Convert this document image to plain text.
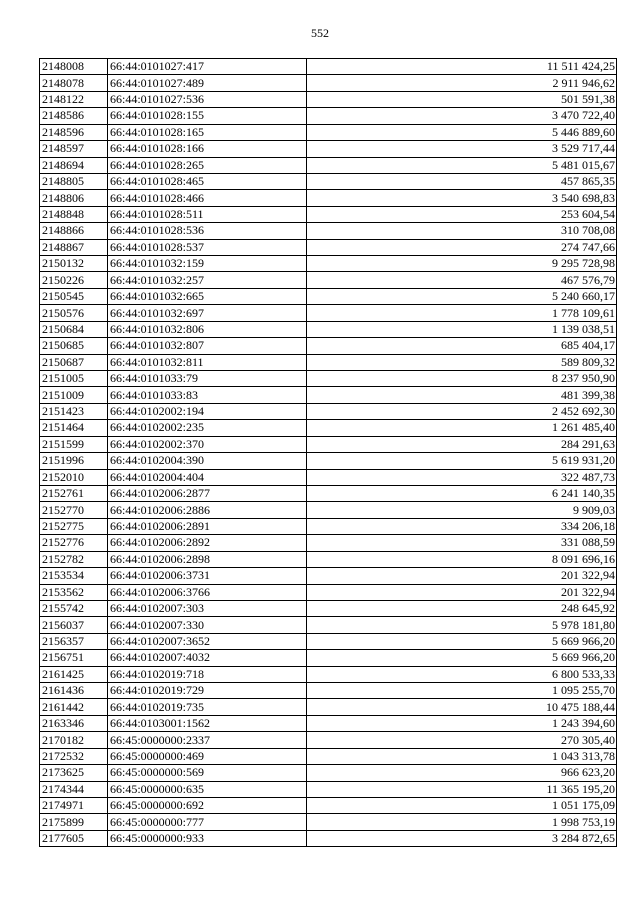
552
2148008	66:44:0101027:417	11 511 424,25
2148078	66:44:0101027:489	2 911 946,62
2148122	66:44:0101027:536	501 591,38
2148586	66:44:0101028:155	3 470 722,40
2148596	66:44:0101028:165	5 446 889,60
2148597	66:44:0101028:166	3 529 717,44
2148694	66:44:0101028:265	5 481 015,67
2148805	66:44:0101028:465	457 865,35
2148806	66:44:0101028:466	3 540 698,83
2148848	66:44:0101028:511	253 604,54
2148866	66:44:0101028:536	310 708,08
2148867	66:44:0101028:537	274 747,66
2150132	66:44:0101032:159	9 295 728,98
2150226	66:44:0101032:257	467 576,79
2150545	66:44:0101032:665	5 240 660,17
2150576	66:44:0101032:697	1 778 109,61
2150684	66:44:0101032:806	1 139 038,51
2150685	66:44:0101032:807	685 404,17
2150687	66:44:0101032:811	589 809,32
2151005	66:44:0101033:79	8 237 950,90
2151009	66:44:0101033:83	481 399,38
2151423	66:44:0102002:194	2 452 692,30
2151464	66:44:0102002:235	1 261 485,40
2151599	66:44:0102002:370	284 291,63
2151996	66:44:0102004:390	5 619 931,20
2152010	66:44:0102004:404	322 487,73
2152761	66:44:0102006:2877	6 241 140,35
2152770	66:44:0102006:2886	9 909,03
2152775	66:44:0102006:2891	334 206,18
2152776	66:44:0102006:2892	331 088,59
2152782	66:44:0102006:2898	8 091 696,16
2153534	66:44:0102006:3731	201 322,94
2153562	66:44:0102006:3766	201 322,94
2155742	66:44:0102007:303	248 645,92
2156037	66:44:0102007:330	5 978 181,80
2156357	66:44:0102007:3652	5 669 966,20
2156751	66:44:0102007:4032	5 669 966,20
2161425	66:44:0102019:718	6 800 533,33
2161436	66:44:0102019:729	1 095 255,70
2161442	66:44:0102019:735	10 475 188,44
2163346	66:44:0103001:1562	1 243 394,60
2170182	66:45:0000000:2337	270 305,40
2172532	66:45:0000000:469	1 043 313,78
2173625	66:45:0000000:569	966 623,20
2174344	66:45:0000000:635	11 365 195,20
2174971	66:45:0000000:692	1 051 175,09
2175899	66:45:0000000:777	1 998 753,19
2177605	66:45:0000000:933	3 284 872,65
